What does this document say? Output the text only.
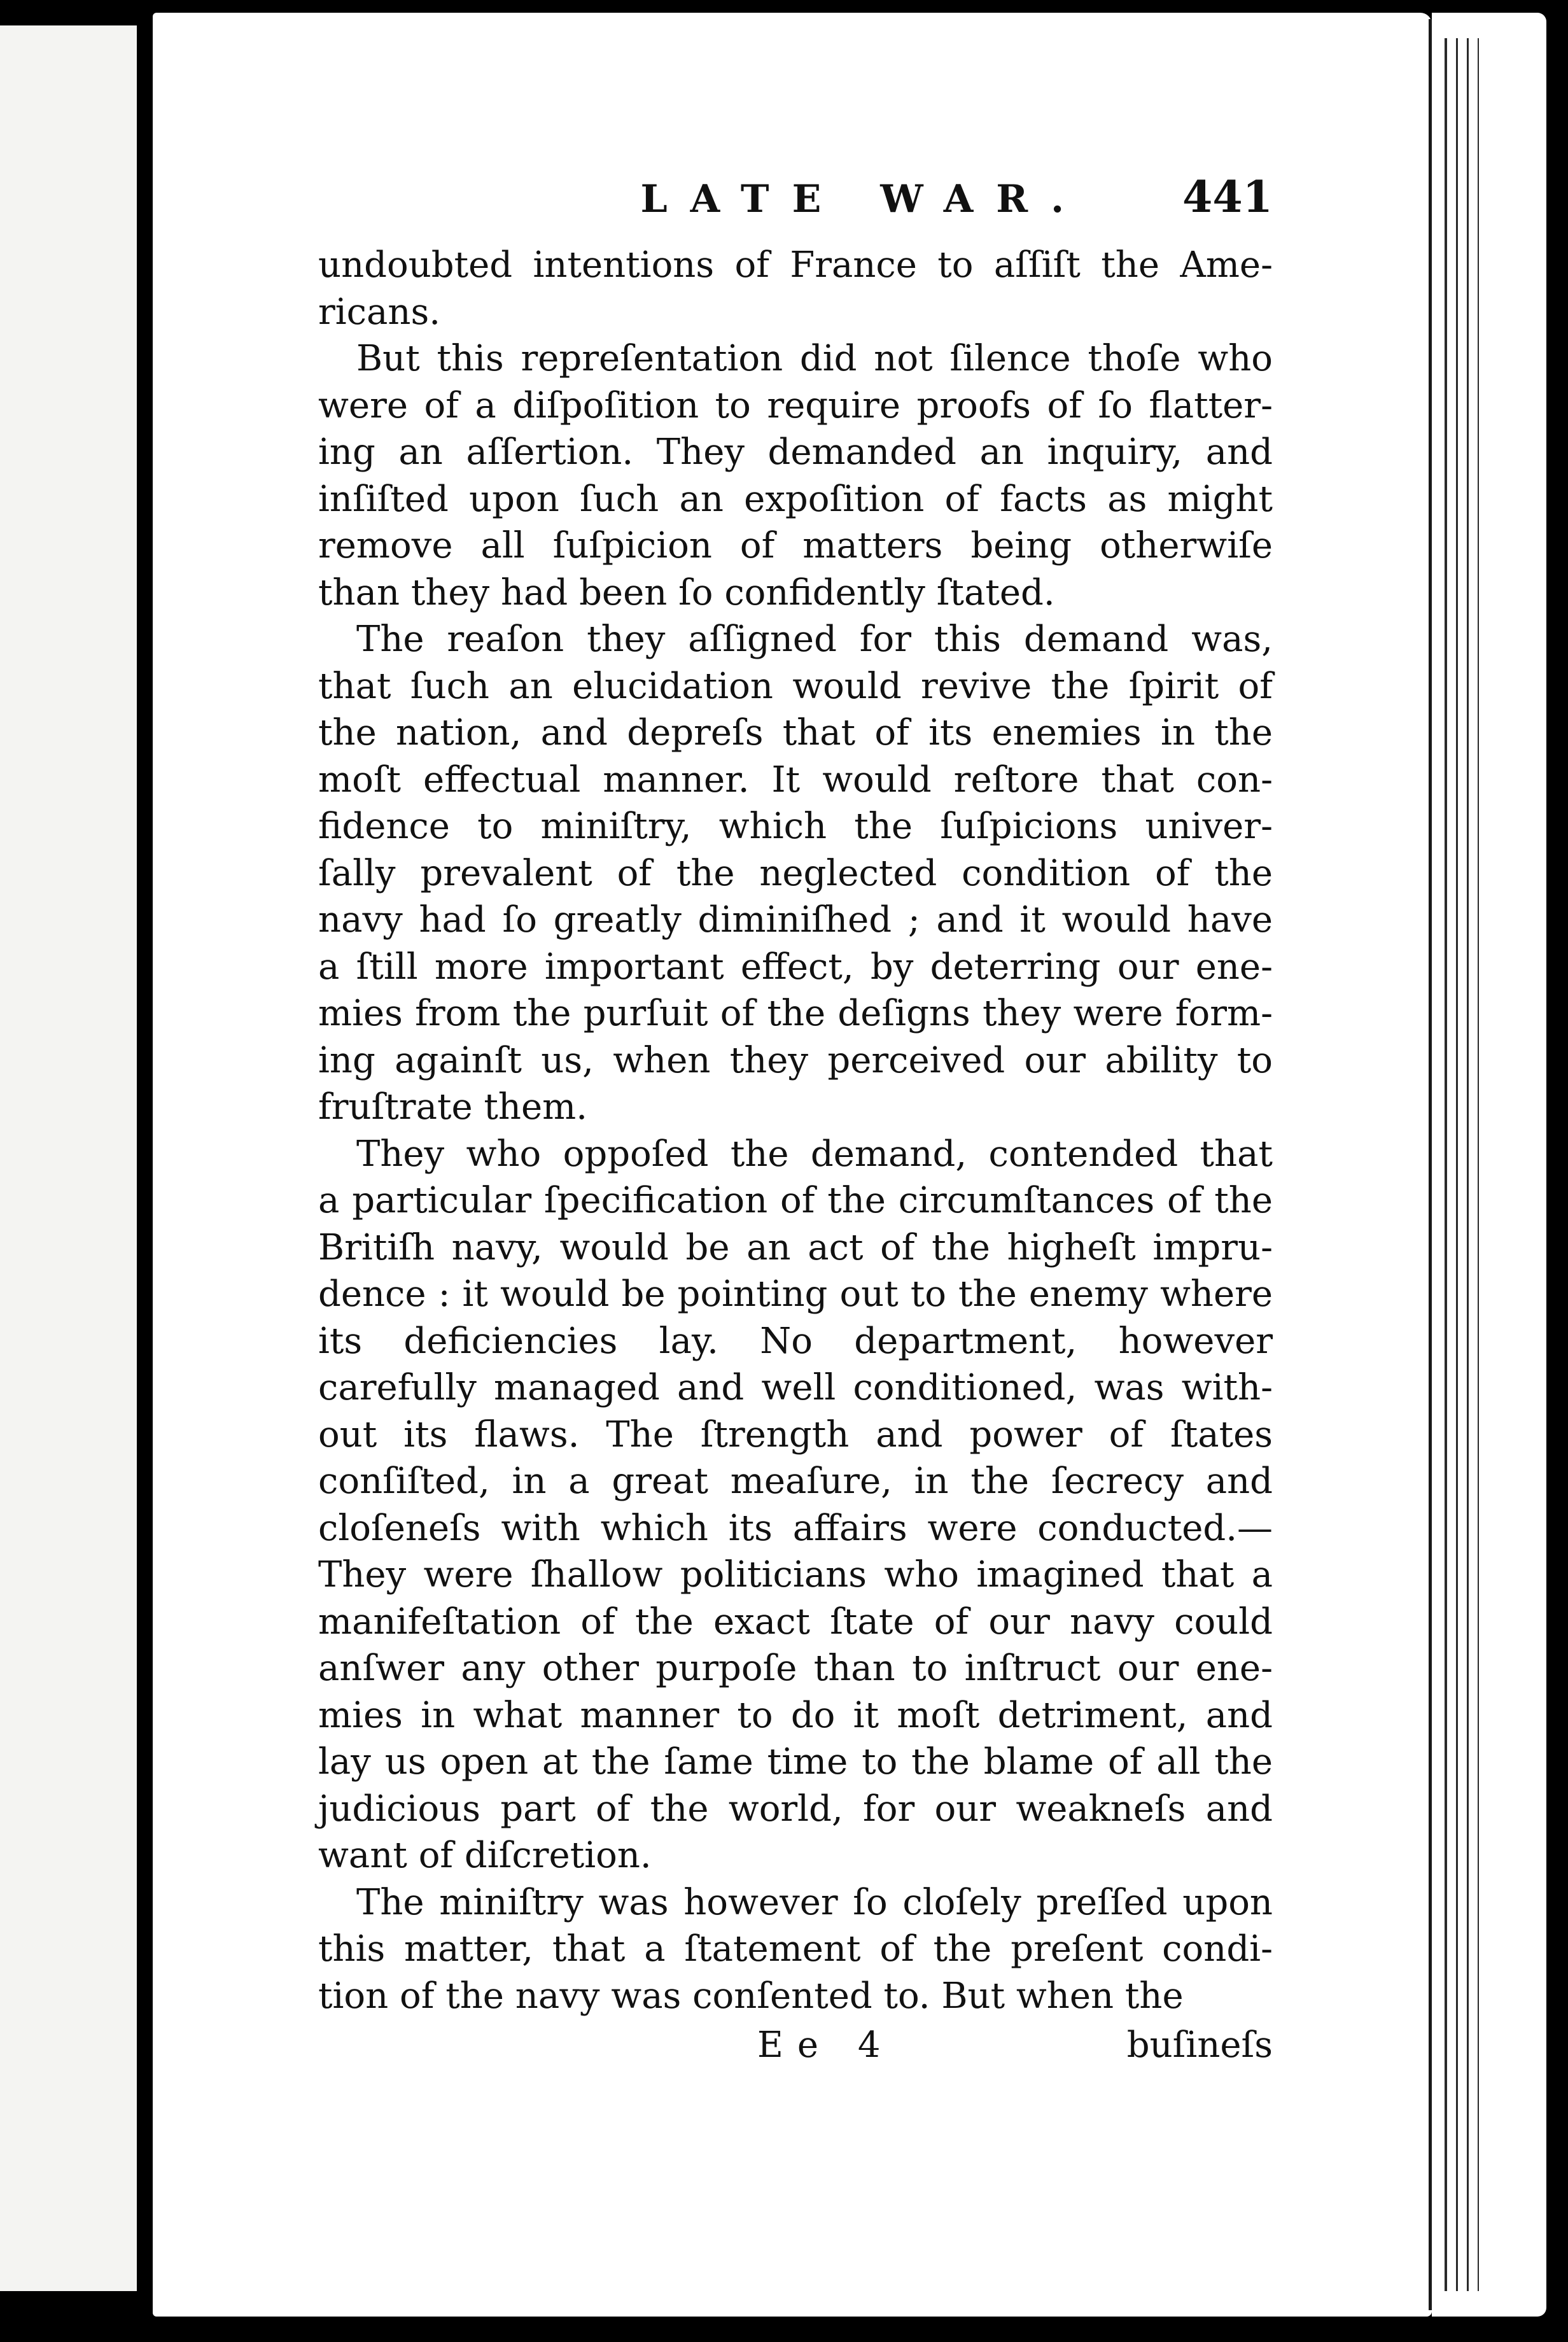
LATE WAR. 441
undoubted intentions of France to aſſiſt the Ame-
ricans.
But this repreſentation did not ſilence thoſe who
were of a diſpoſition to require proofs of ſo flatter-
ing an aſſertion. They demanded an inquiry, and
inſiſted upon ſuch an expoſition of facts as might
remove all ſuſpicion of matters being otherwiſe
than they had been ſo confidently ſtated.
The reaſon they aſſigned for this demand was,
that ſuch an elucidation would revive the ſpirit of
the nation, and depreſs that of its enemies in the
moſt effectual manner. It would reſtore that con-
fidence to miniſtry, which the ſuſpicions univer-
ſally prevalent of the neglected condition of the
navy had ſo greatly diminiſhed ; and it would have
a ſtill more important effect, by deterring our ene-
mies from the purſuit of the deſigns they were form-
ing againſt us, when they perceived our ability to
fruſtrate them.
They who oppoſed the demand, contended that
a particular ſpecification of the circumſtances of the
Britiſh navy, would be an act of the higheſt impru-
dence : it would be pointing out to the enemy where
its deficiencies lay. No department, however
carefully managed and well conditioned, was with-
out its flaws. The ſtrength and power of ſtates
conſiſted, in a great meaſure, in the ſecrecy and
cloſeneſs with which its affairs were conducted.—
They were ſhallow politicians who imagined that a
manifeſtation of the exact ſtate of our navy could
anſwer any other purpoſe than to inſtruct our ene-
mies in what manner to do it moſt detriment, and
lay us open at the ſame time to the blame of all the
judicious part of the world, for our weakneſs and
want of diſcretion.
The miniſtry was however ſo cloſely preſſed upon
this matter, that a ſtatement of the preſent condi-
tion of the navy was conſented to. But when the
Ee 4	buſineſs
